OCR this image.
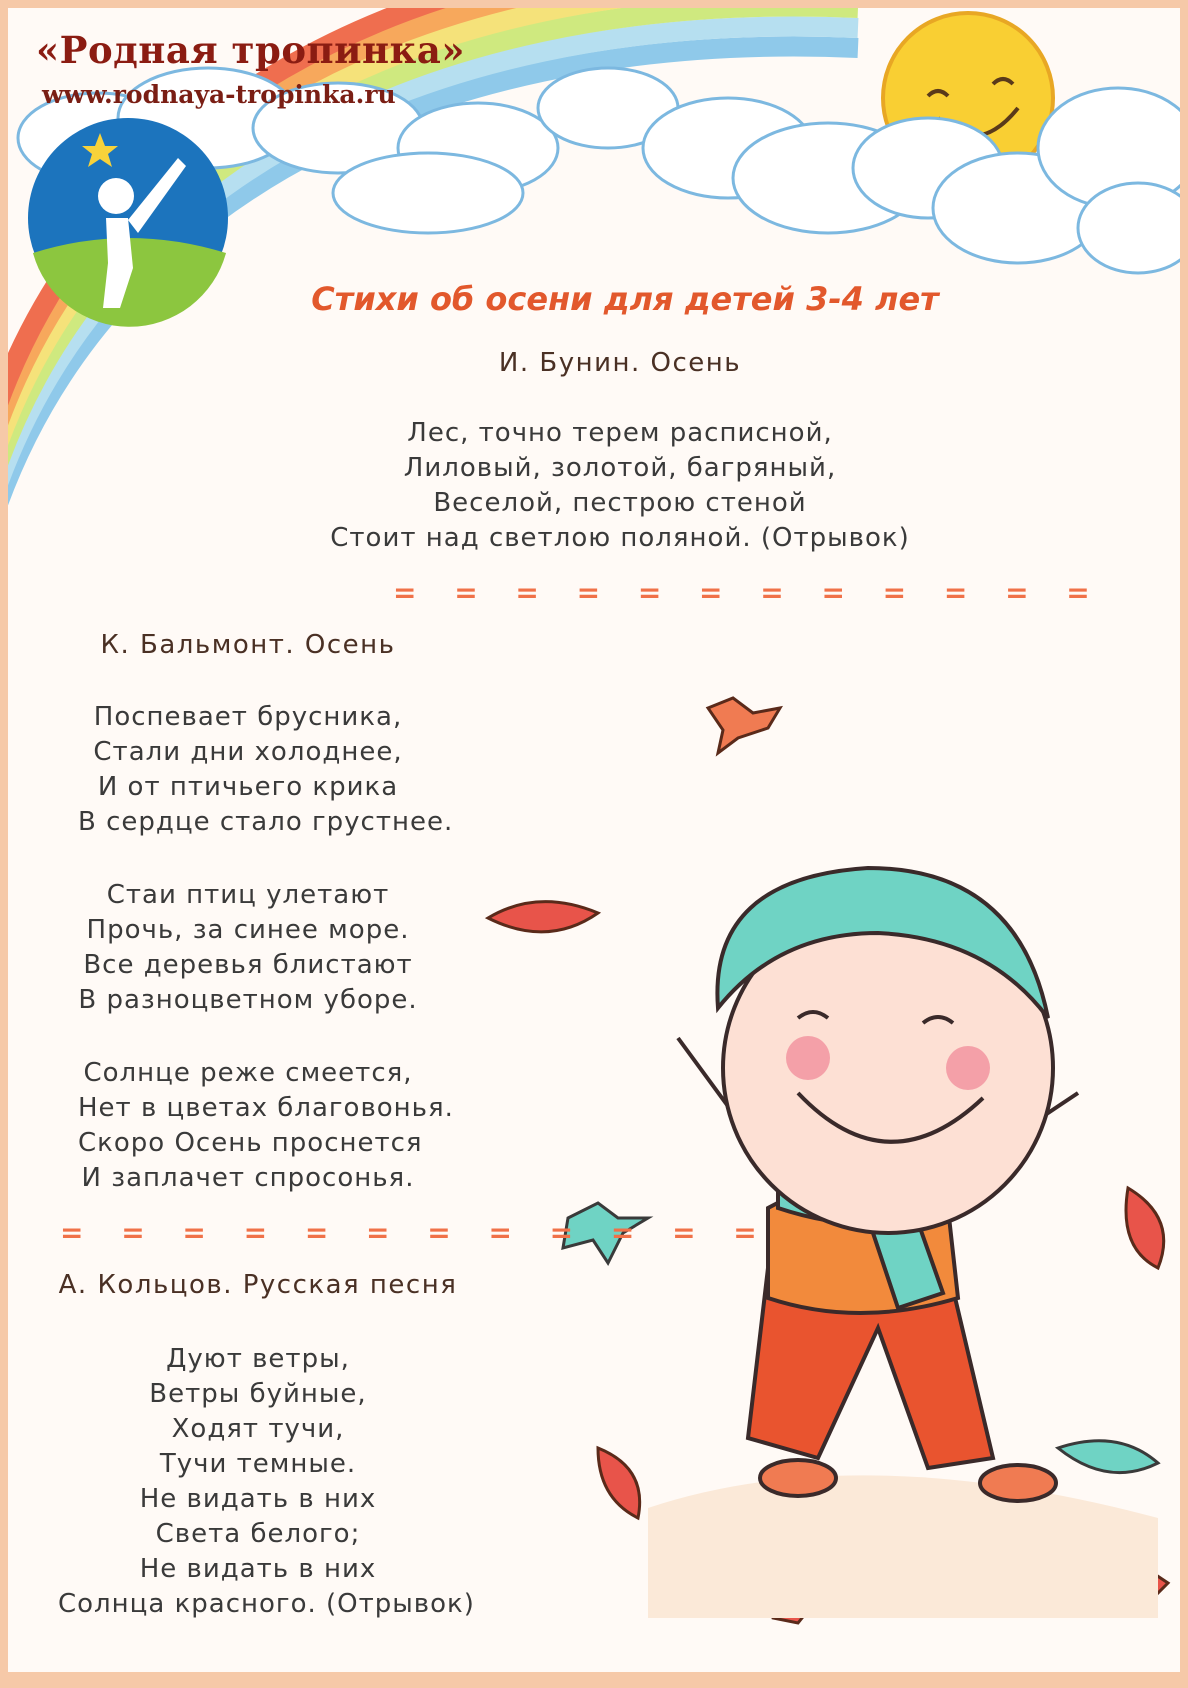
«Родная тропинка»
www.rodnaya-tropinka.ru
Стихи об осени для детей 3-4 лет
И. Бунин. Осень
Лес, точно терем расписной,
Лиловый, золотой, багряный,
Веселой, пестрою стеной
Стоит над светлою поляной. (Отрывок)
= = = = = = = = = = = =
К. Бальмонт. Осень
Поспевает брусника,
Стали дни холоднее,
И от птичьего крика
В сердце стало грустнее.
Стаи птиц улетают
Прочь, за синее море.
Все деревья блистают
В разноцветном уборе.
Солнце реже смеется,
Нет в цветах благовонья.
Скоро Осень проснется
И заплачет спросонья.
= = = = = = = = = = = =
А. Кольцов. Русская песня
Дуют ветры,
Ветры буйные,
Ходят тучи,
Тучи темные.
Не видать в них
Света белого;
Не видать в них
Солнца красного. (Отрывок)
